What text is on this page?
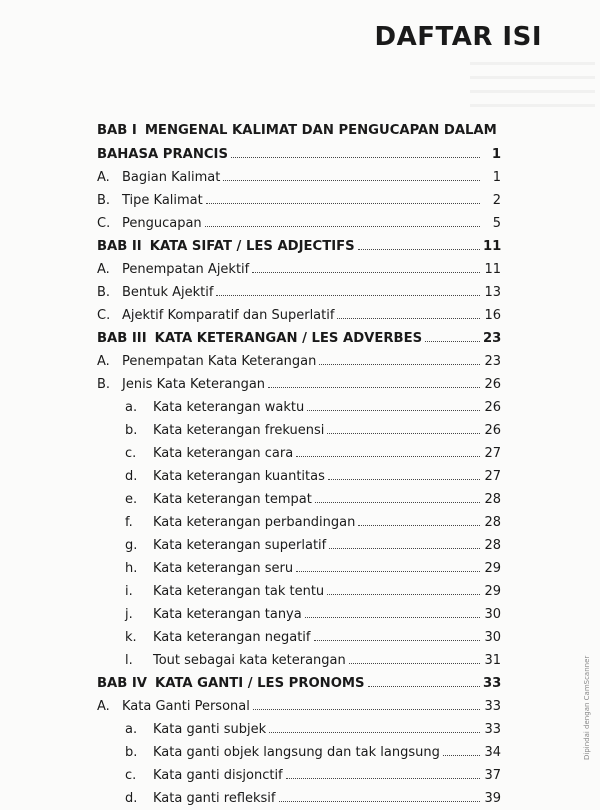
DAFTAR ISI
BAB I MENGENAL KALIMAT DAN PENGUCAPAN DALAM
BAHASA PRANCIS	1
A. Bagian Kalimat	1
B. Tipe Kalimat	2
C. Pengucapan	5
BAB II KATA SIFAT / LES ADJECTIFS	11
A. Penempatan Ajektif	11
B. Bentuk Ajektif	13
C. Ajektif Komparatif dan Superlatif	16
BAB III KATA KETERANGAN / LES ADVERBES	23
A. Penempatan Kata Keterangan	23
B. Jenis Kata Keterangan	26
a.	Kata keterangan waktu	26
b.	Kata keterangan frekuensi	26
c.	Kata keterangan cara	27
d.	Kata keterangan kuantitas	27
e.	Kata keterangan tempat	28
f.	Kata keterangan perbandingan	28
g.	Kata keterangan superlatif	28
h.	Kata keterangan seru	29
i.	Kata keterangan tak tentu	29
j.	Kata keterangan tanya	30
k.	Kata keterangan negatif	30
l.	Tout sebagai kata keterangan	31
BAB IV KATA GANTI / LES PRONOMS	33
A. Kata Ganti Personal	33
a.	Kata ganti subjek	33
b.	Kata ganti objek langsung dan tak langsung	34
c.	Kata ganti disjonctif	37
d.	Kata ganti refleksif	39
Dipindai dengan CamScanner
